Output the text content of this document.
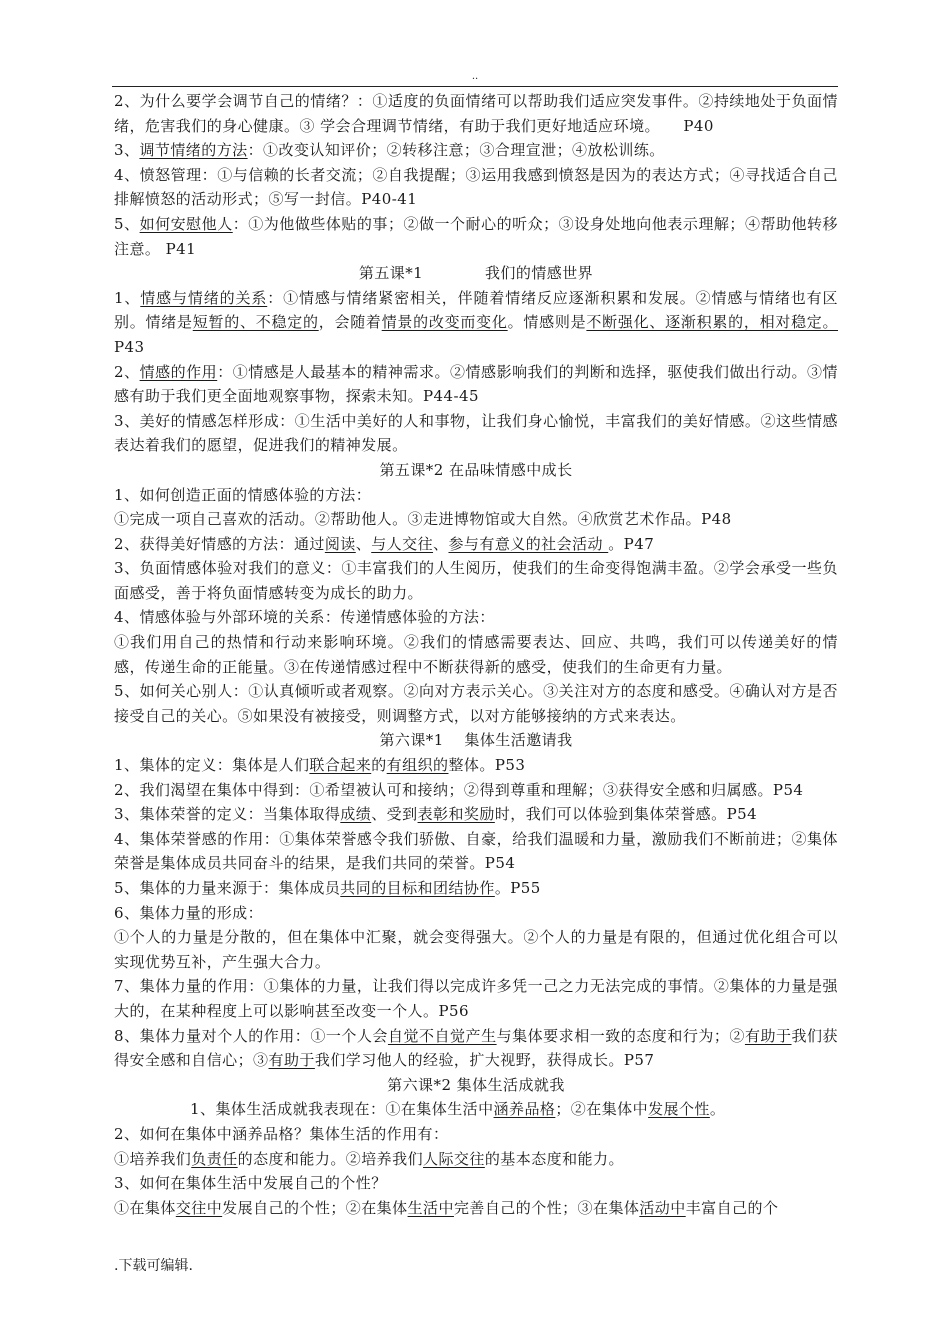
..

2、为什么要学会调节自己的情绪？：①适度的负面情绪可以帮助我们适应突发事件。②持续地处于负面情绪，危害我们的身心健康。③ 学会合理调节情绪，有助于我们更好地适应环境。　　P40

3、调节情绪的方法：①改变认知评价；②转移注意；③合理宣泄；④放松训练。

4、愤怒管理：①与信赖的长者交流；②自我提醒；③运用我感到愤怒是因为的表达方式；④寻找适合自己排解愤怒的活动形式；⑤写一封信。P40-41

5、如何安慰他人：①为他做些体贴的事；②做一个耐心的听众；③设身处地向他表示理解；④帮助他转移注意。 P41

第五课*1　　　　我们的情感世界

1、情感与情绪的关系：①情感与情绪紧密相关，伴随着情绪反应逐渐积累和发展。②情感与情绪也有区别。情绪是短暂的、不稳定的，会随着情景的改变而变化。情感则是不断强化、逐渐积累的，相对稳定。 P43

2、情感的作用：①情感是人最基本的精神需求。②情感影响我们的判断和选择，驱使我们做出行动。③情感有助于我们更全面地观察事物，探索未知。P44-45

3、美好的情感怎样形成：①生活中美好的人和事物，让我们身心愉悦，丰富我们的美好情感。②这些情感表达着我们的愿望，促进我们的精神发展。

第五课*2 在品味情感中成长

1、如何创造正面的情感体验的方法：

①完成一项自己喜欢的活动。②帮助他人。③走进博物馆或大自然。④欣赏艺术作品。P48

2、获得美好情感的方法：通过阅读、与人交往、参与有意义的社会活动 。P47

3、负面情感体验对我们的意义：①丰富我们的人生阅历，使我们的生命变得饱满丰盈。②学会承受一些负面感受，善于将负面情感转变为成长的助力。

4、情感体验与外部环境的关系：传递情感体验的方法：

①我们用自己的热情和行动来影响环境。②我们的情感需要表达、回应、共鸣，我们可以传递美好的情感，传递生命的正能量。③在传递情感过程中不断获得新的感受，使我们的生命更有力量。

5、如何关心别人：①认真倾听或者观察。②向对方表示关心。③关注对方的态度和感受。④确认对方是否接受自己的关心。⑤如果没有被接受，则调整方式，以对方能够接纳的方式来表达。

第六课*1　 集体生活邀请我

1、集体的定义：集体是人们联合起来的有组织的整体。P53

2、我们渴望在集体中得到：①希望被认可和接纳；②得到尊重和理解；③获得安全感和归属感。P54

3、集体荣誉的定义：当集体取得成绩、受到表彰和奖励时，我们可以体验到集体荣誉感。P54

4、集体荣誉感的作用：①集体荣誉感令我们骄傲、自豪，给我们温暖和力量，激励我们不断前进；②集体荣誉是集体成员共同奋斗的结果，是我们共同的荣誉。P54

5、集体的力量来源于：集体成员共同的目标和团结协作。P55

6、集体力量的形成：

①个人的力量是分散的，但在集体中汇聚，就会变得强大。②个人的力量是有限的，但通过优化组合可以实现优势互补，产生强大合力。

7、集体力量的作用：①集体的力量，让我们得以完成许多凭一己之力无法完成的事情。②集体的力量是强大的，在某种程度上可以影响甚至改变一个人。P56

8、集体力量对个人的作用：①一个人会自觉不自觉产生与集体要求相一致的态度和行为；②有助于我们获得安全感和自信心；③有助于我们学习他人的经验，扩大视野，获得成长。P57

第六课*2 集体生活成就我

1、集体生活成就我表现在：①在集体生活中涵养品格；②在集体中发展个性。

2、如何在集体中涵养品格？集体生活的作用有：

①培养我们负责任的态度和能力。②培养我们人际交往的基本态度和能力。

3、如何在集体生活中发展自己的个性？

①在集体交往中发展自己的个性；②在集体生活中完善自己的个性；③在集体活动中丰富自己的个

.下载可编辑.
